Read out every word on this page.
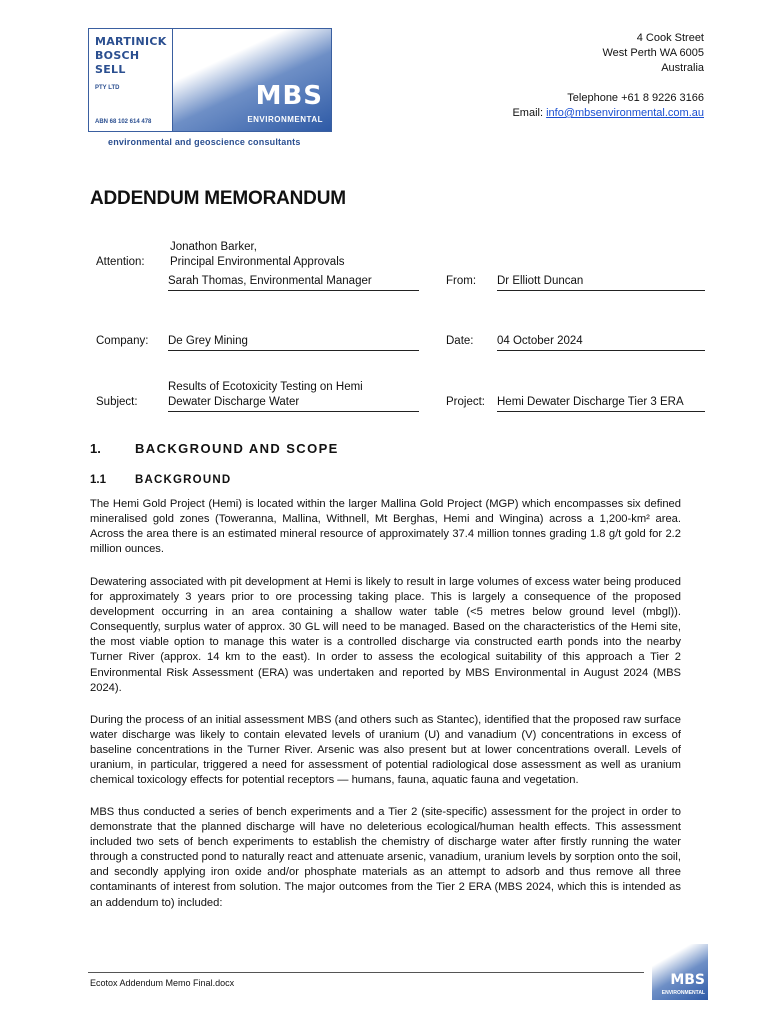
MARTINICK
BOSCH
SELL
PTY LTD
ABN 68 102 614 478
MBS
ENVIRONMENTAL
environmental and geoscience consultants
4 Cook Street
West Perth WA 6005
Australia
Telephone +61 8 9226 3166
Email: info@mbsenvironmental.com.au
ADDENDUM MEMORANDUM
Attention:
Jonathon Barker,
Principal Environmental Approvals
Sarah Thomas, Environmental Manager	From: Dr Elliott Duncan
Company: De Grey Mining	Date: 04 October 2024
Subject:
Results of Ecotoxicity Testing on Hemi
Dewater Discharge Water	Project: Hemi Dewater Discharge Tier 3 ERA
1.	BACKGROUND AND SCOPE
1.1	BACKGROUND
The Hemi Gold Project (Hemi) is located within the larger Mallina Gold Project (MGP) which encompasses six defined mineralised gold zones (Toweranna, Mallina, Withnell, Mt Berghas, Hemi and Wingina) across a 1,200-km² area. Across the area there is an estimated mineral resource of approximately 37.4 million tonnes grading 1.8 g/t gold for 2.2 million ounces.
Dewatering associated with pit development at Hemi is likely to result in large volumes of excess water being produced for approximately 3 years prior to ore processing taking place. This is largely a consequence of the proposed development occurring in an area containing a shallow water table (<5 metres below ground level (mbgl)). Consequently, surplus water of approx. 30 GL will need to be managed. Based on the characteristics of the Hemi site, the most viable option to manage this water is a controlled discharge via constructed earth ponds into the nearby Turner River (approx. 14 km to the east). In order to assess the ecological suitability of this approach a Tier 2 Environmental Risk Assessment (ERA) was undertaken and reported by MBS Environmental in August 2024 (MBS 2024).
During the process of an initial assessment MBS (and others such as Stantec), identified that the proposed raw surface water discharge was likely to contain elevated levels of uranium (U) and vanadium (V) concentrations in excess of baseline concentrations in the Turner River. Arsenic was also present but at lower concentrations overall. Levels of uranium, in particular, triggered a need for assessment of potential radiological dose assessment as well as uranium chemical toxicology effects for potential receptors — humans, fauna, aquatic fauna and vegetation.
MBS thus conducted a series of bench experiments and a Tier 2 (site-specific) assessment for the project in order to demonstrate that the planned discharge will have no deleterious ecological/human health effects. This assessment included two sets of bench experiments to establish the chemistry of discharge water after firstly running the water through a constructed pond to naturally react and attenuate arsenic, vanadium, uranium levels by sorption onto the soil, and secondly applying iron oxide and/or phosphate materials as an attempt to adsorb and thus remove all three contaminants of interest from solution. The major outcomes from the Tier 2 ERA (MBS 2024, which this is intended as an addendum to) included:
Ecotox Addendum Memo Final.docx	MBS
ENVIRONMENTAL
